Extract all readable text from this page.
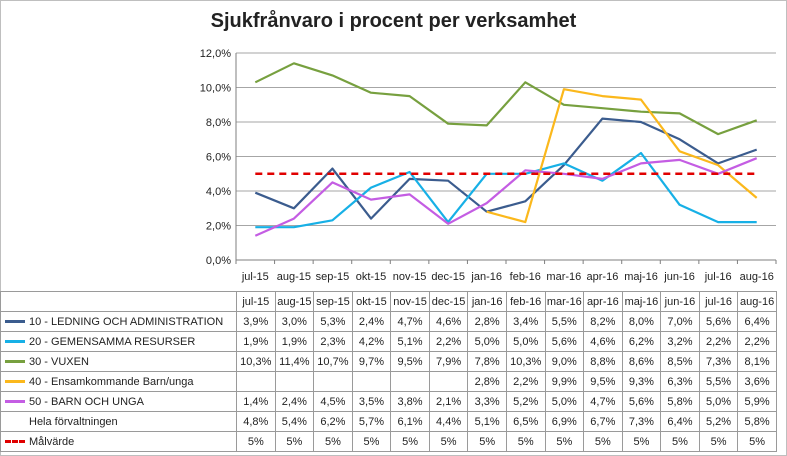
Sjukfrånvaro i procent per verksamhet
0,0%
2,0%
4,0%
6,0%
8,0%
10,0%
12,0%
jul-15 aug-15 sep-15 okt-15 nov-15 dec-15 jan-16 feb-16 mar-16 apr-16 maj-16 jun-16 jul-16 aug-16
	jul-15	aug-15	sep-15	okt-15	nov-15	dec-15	jan-16	feb-16	mar-16	apr-16	maj-16	jun-16	jul-16	aug-16
10 - LEDNING OCH ADMINISTRATION	3,9%	3,0%	5,3%	2,4%	4,7%	4,6%	2,8%	3,4%	5,5%	8,2%	8,0%	7,0%	5,6%	6,4%
20 - GEMENSAMMA RESURSER	1,9%	1,9%	2,3%	4,2%	5,1%	2,2%	5,0%	5,0%	5,6%	4,6%	6,2%	3,2%	2,2%	2,2%
30 - VUXEN	10,3%	11,4%	10,7%	9,7%	9,5%	7,9%	7,8%	10,3%	9,0%	8,8%	8,6%	8,5%	7,3%	8,1%
40 - Ensamkommande Barn/unga							2,8%	2,2%	9,9%	9,5%	9,3%	6,3%	5,5%	3,6%
50 - BARN OCH UNGA	1,4%	2,4%	4,5%	3,5%	3,8%	2,1%	3,3%	5,2%	5,0%	4,7%	5,6%	5,8%	5,0%	5,9%
Hela förvaltningen	4,8%	5,4%	6,2%	5,7%	6,1%	4,4%	5,1%	6,5%	6,9%	6,7%	7,3%	6,4%	5,2%	5,8%
Målvärde	5%	5%	5%	5%	5%	5%	5%	5%	5%	5%	5%	5%	5%	5%
